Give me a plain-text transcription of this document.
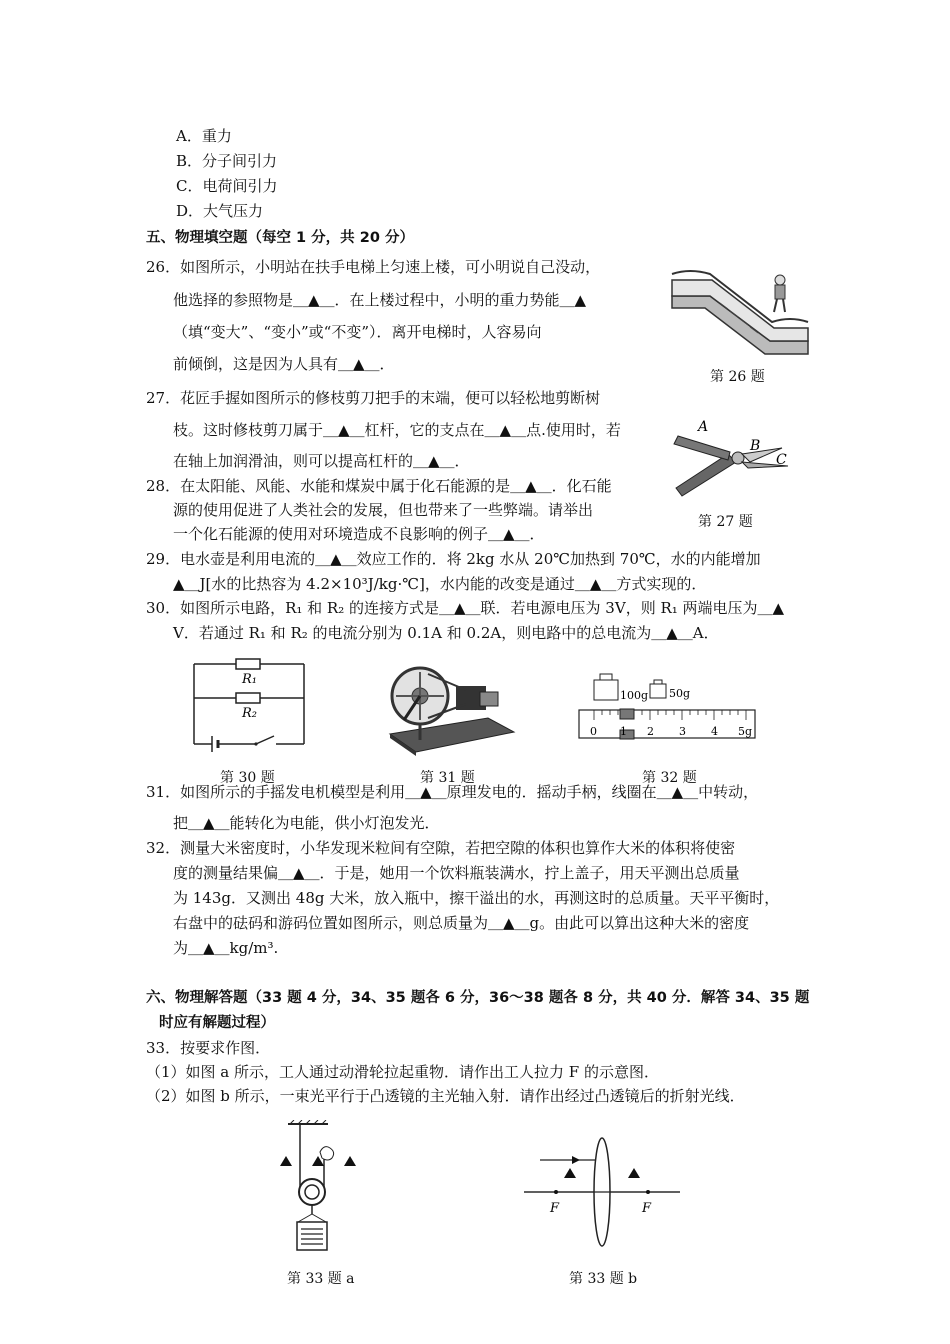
A．重力
B．分子间引力
C．电荷间引力
D．大气压力
五、物理填空题（每空 1 分，共 20 分）
26．如图所示，小明站在扶手电梯上匀速上楼，可小明说自己没动，
他选择的参照物是＿▲＿．在上楼过程中，小明的重力势能＿▲
（填“变大”、“变小”或“不变”）．离开电梯时，人容易向
前倾倒，这是因为人具有＿▲＿．
第 26 题
27．花匠手握如图所示的修枝剪刀把手的末端，便可以轻松地剪断树
枝。这时修枝剪刀属于＿▲＿杠杆，它的支点在＿▲＿点.使用时，若
在轴上加润滑油，则可以提高杠杆的＿▲＿．
A
B
C
第 27 题
28．在太阳能、风能、水能和煤炭中属于化石能源的是＿▲＿．化石能
源的使用促进了人类社会的发展，但也带来了一些弊端。请举出
一个化石能源的使用对环境造成不良影响的例子＿▲＿．
29．电水壶是利用电流的＿▲＿效应工作的．将 2kg 水从 20℃加热到 70℃，水的内能增加
▲＿J[水的比热容为 4.2×10³J/kg·℃]，水内能的改变是通过＿▲＿方式实现的．
30．如图所示电路，R₁ 和 R₂ 的连接方式是＿▲＿联．若电源电压为 3V，则 R₁ 两端电压为＿▲
V．若通过 R₁ 和 R₂ 的电流分别为 0.1A 和 0.2A，则电路中的总电流为＿▲＿A．
R₁
R₂
100g 50g
0 1 2 3 4 5g
第 30 题	第 31 题	第 32 题
31．如图所示的手摇发电机模型是利用＿▲＿原理发电的．摇动手柄，线圈在＿▲＿中转动，
把＿▲＿能转化为电能，供小灯泡发光．
32．测量大米密度时，小华发现米粒间有空隙，若把空隙的体积也算作大米的体积将使密
度的测量结果偏＿▲＿．于是，她用一个饮料瓶装满水，拧上盖子，用天平测出总质量
为 143g．又测出 48g 大米，放入瓶中，擦干溢出的水，再测这时的总质量。天平平衡时，
右盘中的砝码和游码位置如图所示，则总质量为＿▲＿g。由此可以算出这种大米的密度
为＿▲＿kg/m³.
六、物理解答题（33 题 4 分，34、35 题各 6 分，36～38 题各 8 分，共 40 分．解答 34、35 题
时应有解题过程）
33．按要求作图．
（1）如图 a 所示，工人通过动滑轮拉起重物．请作出工人拉力 F 的示意图．
（2）如图 b 所示，一束光平行于凸透镜的主光轴入射．请作出经过凸透镜后的折射光线．
第 33 题 a
F	F
第 33 题 b
